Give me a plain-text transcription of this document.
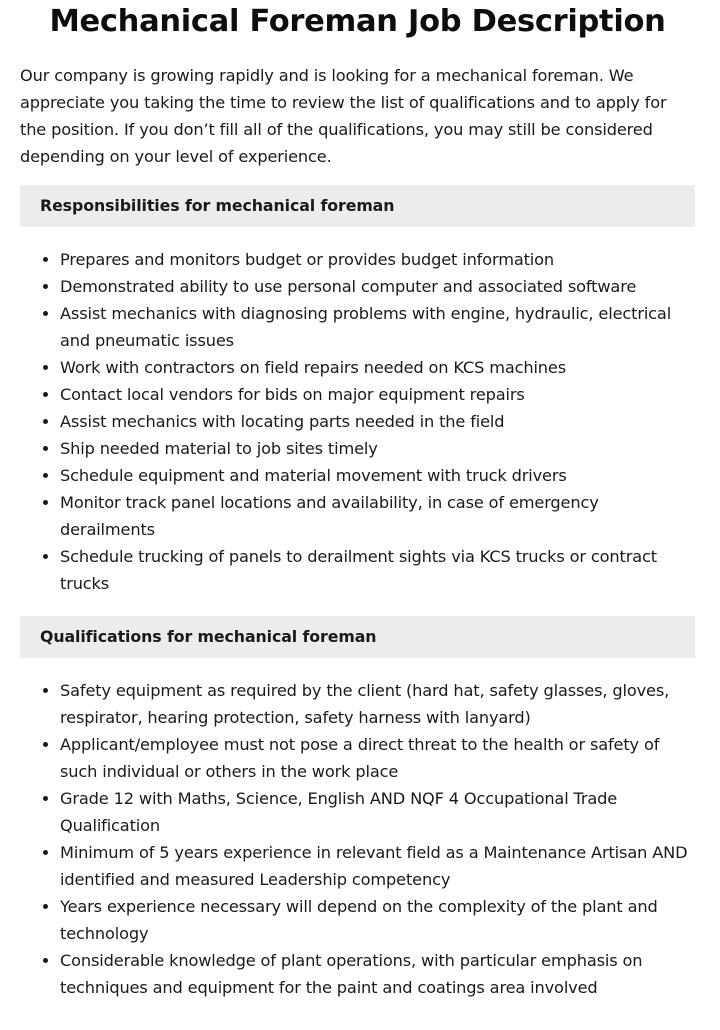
Mechanical Foreman Job Description

Our company is growing rapidly and is looking for a mechanical foreman. We appreciate you taking the time to review the list of qualifications and to apply for the position. If you don’t fill all of the qualifications, you may still be considered depending on your level of experience.

Responsibilities for mechanical foreman
Prepares and monitors budget or provides budget information
Demonstrated ability to use personal computer and associated software
Assist mechanics with diagnosing problems with engine, hydraulic, electrical and pneumatic issues
Work with contractors on field repairs needed on KCS machines
Contact local vendors for bids on major equipment repairs
Assist mechanics with locating parts needed in the field
Ship needed material to job sites timely
Schedule equipment and material movement with truck drivers
Monitor track panel locations and availability, in case of emergency derailments
Schedule trucking of panels to derailment sights via KCS trucks or contract trucks
Qualifications for mechanical foreman
Safety equipment as required by the client (hard hat, safety glasses, gloves, respirator, hearing protection, safety harness with lanyard)
Applicant/employee must not pose a direct threat to the health or safety of such individual or others in the work place
Grade 12 with Maths, Science, English AND NQF 4 Occupational Trade Qualification
Minimum of 5 years experience in relevant field as a Maintenance Artisan AND identified and measured Leadership competency
Years experience necessary will depend on the complexity of the plant and technology
Considerable knowledge of plant operations, with particular emphasis on techniques and equipment for the paint and coatings area involved
